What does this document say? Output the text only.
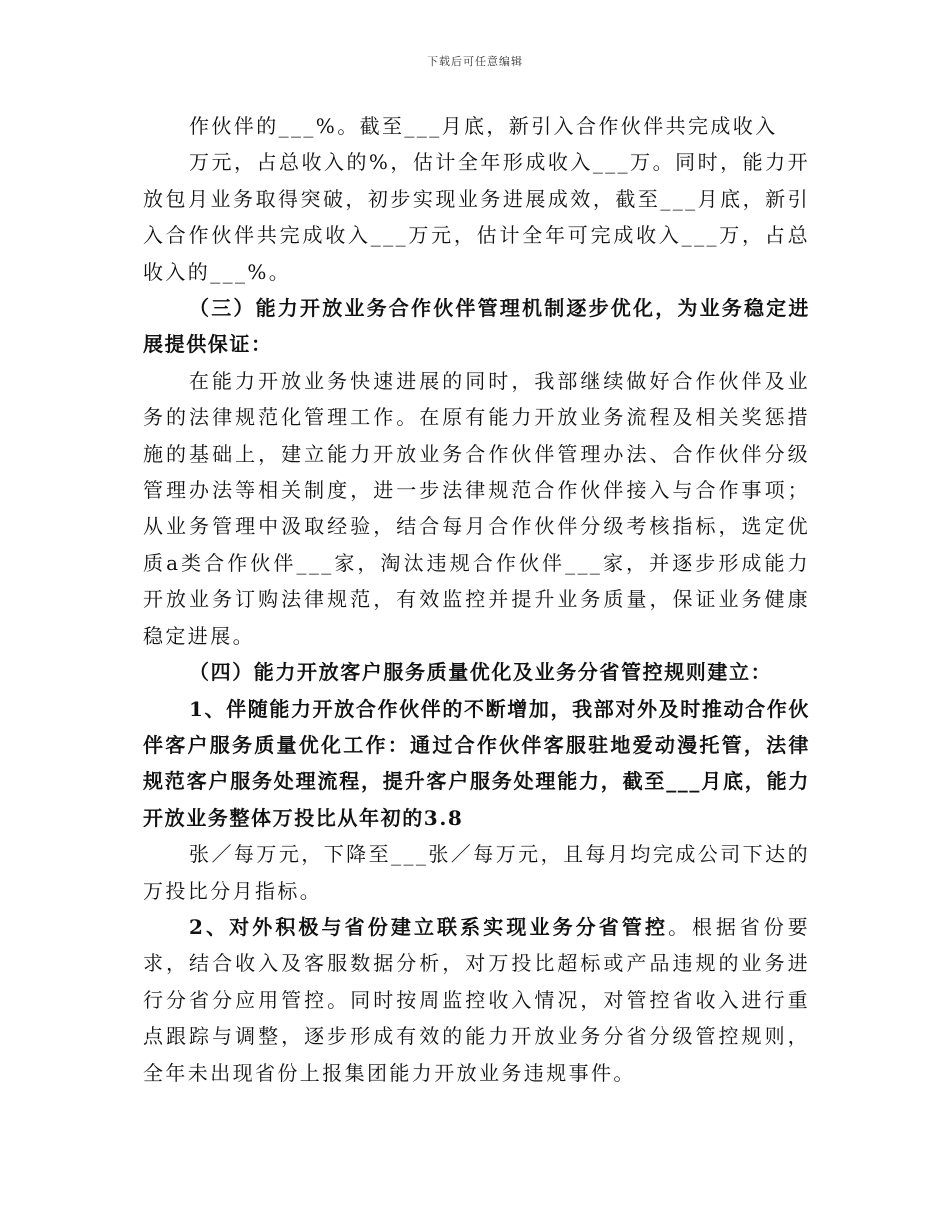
下载后可任意编辑

作伙伴的___%。截至___月底，新引入合作伙伴共完成收入

万元，占总收入的%，估计全年形成收入___万。同时，能力开放包月业务取得突破，初步实现业务进展成效，截至___月底，新引入合作伙伴共完成收入___万元，估计全年可完成收入___万，占总收入的___%。

（三）能力开放业务合作伙伴管理机制逐步优化，为业务稳定进展提供保证：

在能力开放业务快速进展的同时，我部继续做好合作伙伴及业务的法律规范化管理工作。在原有能力开放业务流程及相关奖惩措施的基础上，建立能力开放业务合作伙伴管理办法、合作伙伴分级管理办法等相关制度，进一步法律规范合作伙伴接入与合作事项；从业务管理中汲取经验，结合每月合作伙伴分级考核指标，选定优质a类合作伙伴___家，淘汰违规合作伙伴___家，并逐步形成能力开放业务订购法律规范，有效监控并提升业务质量，保证业务健康稳定进展。

（四）能力开放客户服务质量优化及业务分省管控规则建立：

1、伴随能力开放合作伙伴的不断增加，我部对外及时推动合作伙伴客户服务质量优化工作：通过合作伙伴客服驻地爱动漫托管，法律规范客户服务处理流程，提升客户服务处理能力，截至___月底，能力开放业务整体万投比从年初的3.8

张／每万元，下降至___张／每万元，且每月均完成公司下达的万投比分月指标。

2、对外积极与省份建立联系实现业务分省管控。根据省份要求，结合收入及客服数据分析，对万投比超标或产品违规的业务进行分省分应用管控。同时按周监控收入情况，对管控省收入进行重点跟踪与调整，逐步形成有效的能力开放业务分省分级管控规则，全年未出现省份上报集团能力开放业务违规事件。
